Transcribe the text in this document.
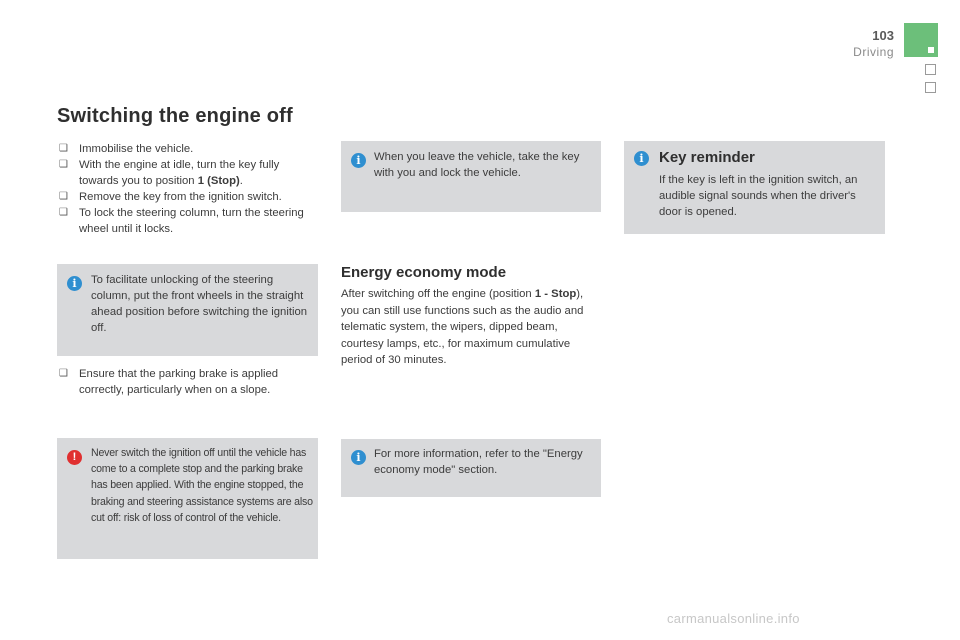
103
Driving
Switching the engine off
❑ Immobilise the vehicle.
❑ With the engine at idle, turn the key fully towards you to position 1 (Stop).
❑ Remove the key from the ignition switch.
❑ To lock the steering column, turn the steering wheel until it locks.
i	To facilitate unlocking of the steering column, put the front wheels in the straight ahead position before switching the ignition off.

❑ Ensure that the parking brake is applied correctly, particularly when on a slope.
!	Never switch the ignition off until the vehicle has come to a complete stop and the parking brake has been applied. With the engine stopped, the braking and steering assistance systems are also cut off: risk of loss of control of the vehicle.

i	When you leave the vehicle, take the key with you and lock the vehicle.

Energy economy mode

After switching off the engine (position 1 - Stop), you can still use functions such as the audio and telematic system, the wipers, dipped beam, courtesy lamps, etc., for maximum cumulative period of 30 minutes.

i	For more information, refer to the "Energy economy mode" section.

i	Key reminder

If the key is left in the ignition switch, an audible signal sounds when the driver's door is opened.

carmanualsonline.info
